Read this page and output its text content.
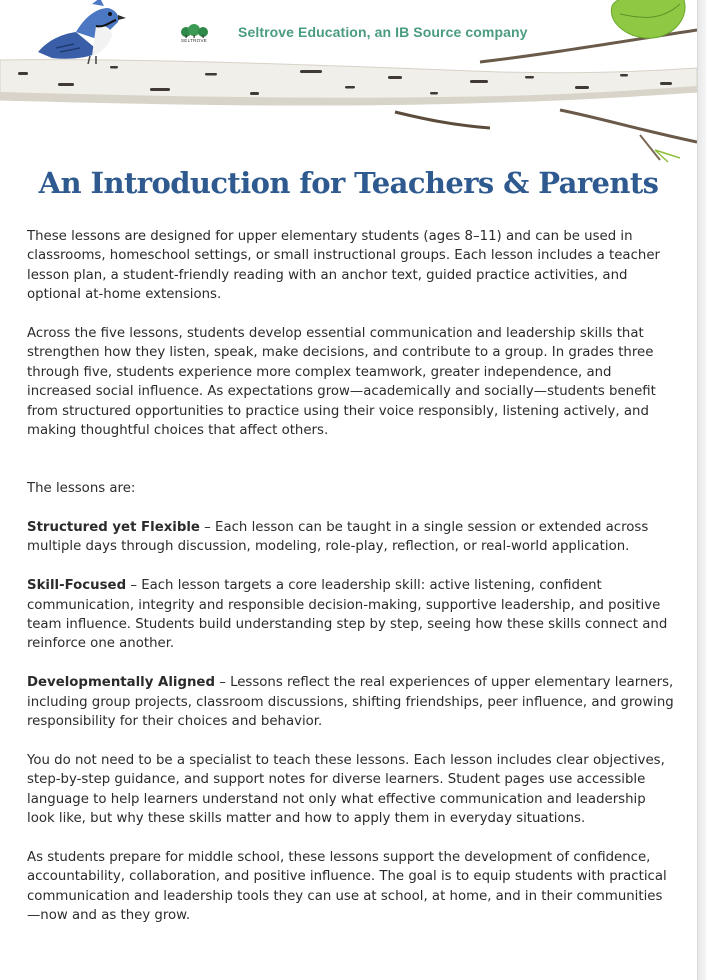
SELTROVE
Seltrove Education, an IB Source company
An Introduction for Teachers & Parents

These lessons are designed for upper elementary students (ages 8–11) and can be used in classrooms, homeschool settings, or small instructional groups. Each lesson includes a teacher lesson plan, a student-friendly reading with an anchor text, guided practice activities, and optional at-home extensions.

Across the five lessons, students develop essential communication and leadership skills that strengthen how they listen, speak, make decisions, and contribute to a group. In grades three through five, students experience more complex teamwork, greater independence, and increased social influence. As expectations grow—academically and socially—students benefit from structured opportunities to practice using their voice responsibly, listening actively, and making thoughtful choices that affect others.

The lessons are:

Structured yet Flexible – Each lesson can be taught in a single session or extended across multiple days through discussion, modeling, role-play, reflection, or real-world application.

Skill-Focused – Each lesson targets a core leadership skill: active listening, confident communication, integrity and responsible decision-making, supportive leadership, and positive team influence. Students build understanding step by step, seeing how these skills connect and reinforce one another.

Developmentally Aligned – Lessons reflect the real experiences of upper elementary learners, including group projects, classroom discussions, shifting friendships, peer influence, and growing responsibility for their choices and behavior.

You do not need to be a specialist to teach these lessons. Each lesson includes clear objectives, step-by-step guidance, and support notes for diverse learners. Student pages use accessible language to help learners understand not only what effective communication and leadership look like, but why these skills matter and how to apply them in everyday situations.

As students prepare for middle school, these lessons support the development of confidence, accountability, collaboration, and positive influence. The goal is to equip students with practical communication and leadership tools they can use at school, at home, and in their communities—now and as they grow.
